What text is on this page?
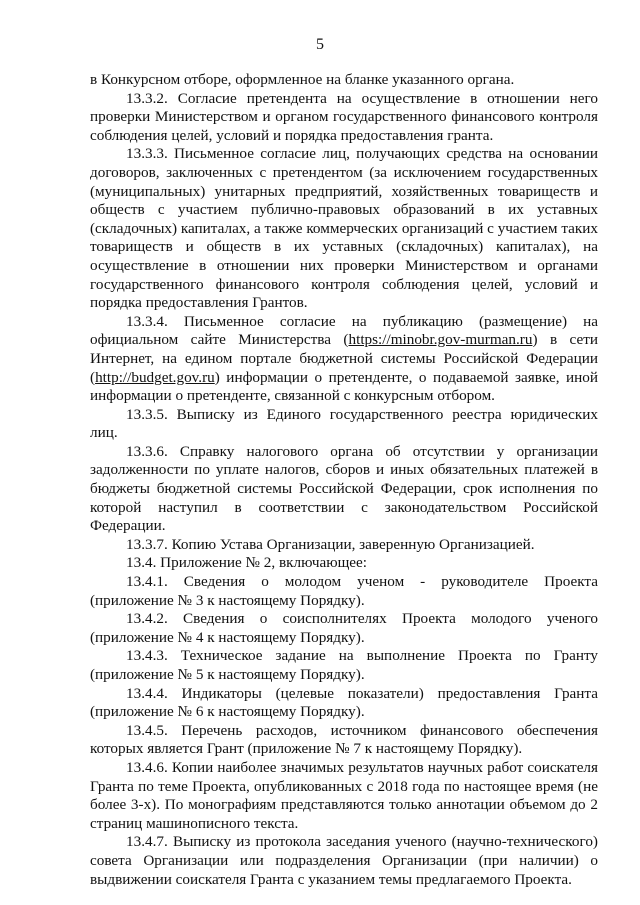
5

в Конкурсном отборе, оформленное на бланке указанного органа.

13.3.2. Согласие претендента на осуществление в отношении него проверки Министерством и органом государственного финансового контроля соблюдения целей, условий и порядка предоставления гранта.

13.3.3. Письменное согласие лиц, получающих средства на основании договоров, заключенных с претендентом (за исключением государственных (муниципальных) унитарных предприятий, хозяйственных товариществ и обществ с участием публично-правовых образований в их уставных (складочных) капиталах, а также коммерческих организаций с участием таких товариществ и обществ в их уставных (складочных) капиталах), на осуществление в отношении них проверки Министерством и органами государственного финансового контроля соблюдения целей, условий и порядка предоставления Грантов.

13.3.4. Письменное согласие на публикацию (размещение) на официальном сайте Министерства (https://minobr.gov-murman.ru) в сети Интернет, на едином портале бюджетной системы Российской Федерации (http://budget.gov.ru) информации о претенденте, о подаваемой заявке, иной информации о претенденте, связанной с конкурсным отбором.

13.3.5. Выписку из Единого государственного реестра юридических лиц.

13.3.6. Справку налогового органа об отсутствии у организации задолженности по уплате налогов, сборов и иных обязательных платежей в бюджеты бюджетной системы Российской Федерации, срок исполнения по которой наступил в соответствии с законодательством Российской Федерации.

13.3.7. Копию Устава Организации, заверенную Организацией.

13.4. Приложение № 2, включающее:

13.4.1. Сведения о молодом ученом - руководителе Проекта (приложение № 3 к настоящему Порядку).

13.4.2. Сведения о соисполнителях Проекта молодого ученого (приложение № 4 к настоящему Порядку).

13.4.3. Техническое задание на выполнение Проекта по Гранту (приложение № 5 к настоящему Порядку).

13.4.4. Индикаторы (целевые показатели) предоставления Гранта (приложение № 6 к настоящему Порядку).

13.4.5. Перечень расходов, источником финансового обеспечения которых является Грант (приложение № 7 к настоящему Порядку).

13.4.6. Копии наиболее значимых результатов научных работ соискателя Гранта по теме Проекта, опубликованных с 2018 года по настоящее время (не более 3-х). По монографиям представляются только аннотации объемом до 2 страниц машинописного текста.

13.4.7. Выписку из протокола заседания ученого (научно-технического) совета Организации или подразделения Организации (при наличии) о выдвижении соискателя Гранта с указанием темы предлагаемого Проекта.
